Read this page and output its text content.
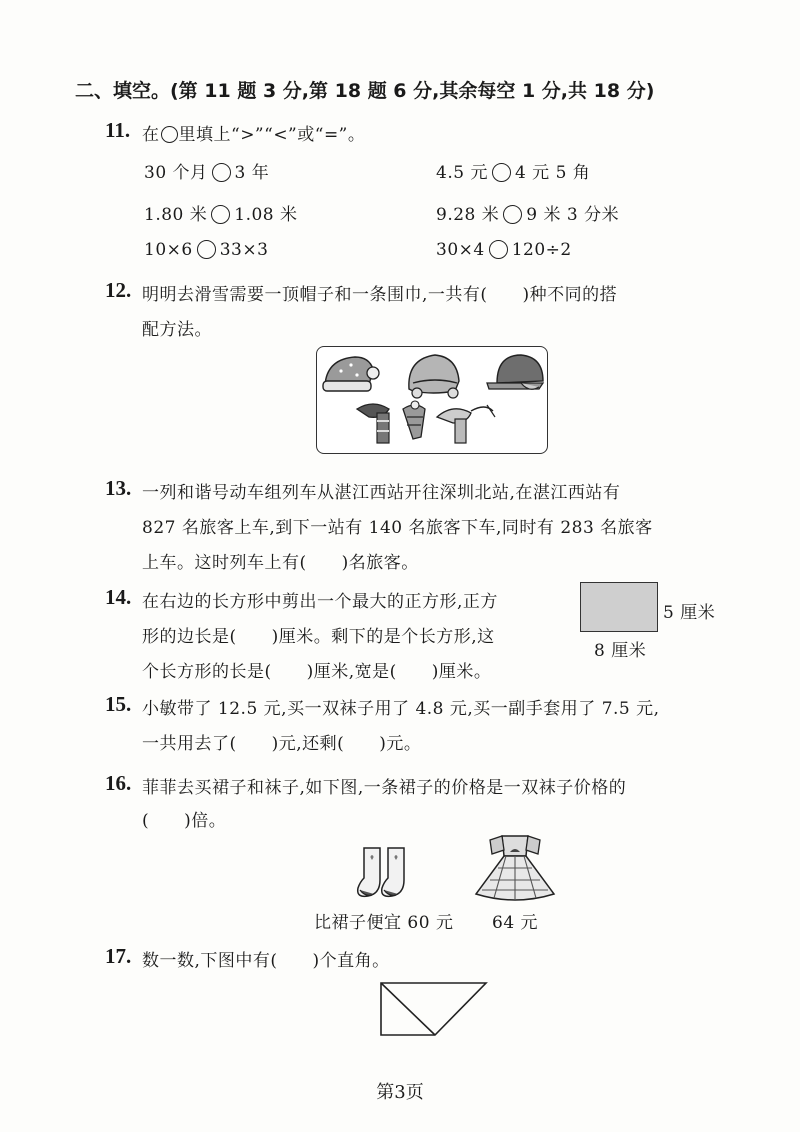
二、填空。(第 11 题 3 分,第 18 题 6 分,其余每空 1 分,共 18 分)
11. 在 里填上“>”“<”或“=”。
30 个月 3 年	4.5 元 4 元 5 角
1.80 米 1.08 米	9.28 米 9 米 3 分米
10×6 33×3	30×4 120÷2
12. 明明去滑雪需要一顶帽子和一条围巾,一共有(　　)种不同的搭
配方法。
13. 一列和谐号动车组列车从湛江西站开往深圳北站,在湛江西站有
827 名旅客上车,到下一站有 140 名旅客下车,同时有 283 名旅客
上车。这时列车上有(　　)名旅客。
14. 在右边的长方形中剪出一个最大的正方形,正方
形的边长是(　　)厘米。剩下的是个长方形,这
个长方形的长是(　　)厘米,宽是(　　)厘米。
5 厘米
8 厘米
15. 小敏带了 12.5 元,买一双袜子用了 4.8 元,买一副手套用了 7.5 元,
一共用去了(　　)元,还剩(　　)元。
16. 菲菲去买裙子和袜子,如下图,一条裙子的价格是一双袜子价格的
(　　)倍。
比裙子便宜 60 元 64 元
17. 数一数,下图中有(　　)个直角。
第3页
